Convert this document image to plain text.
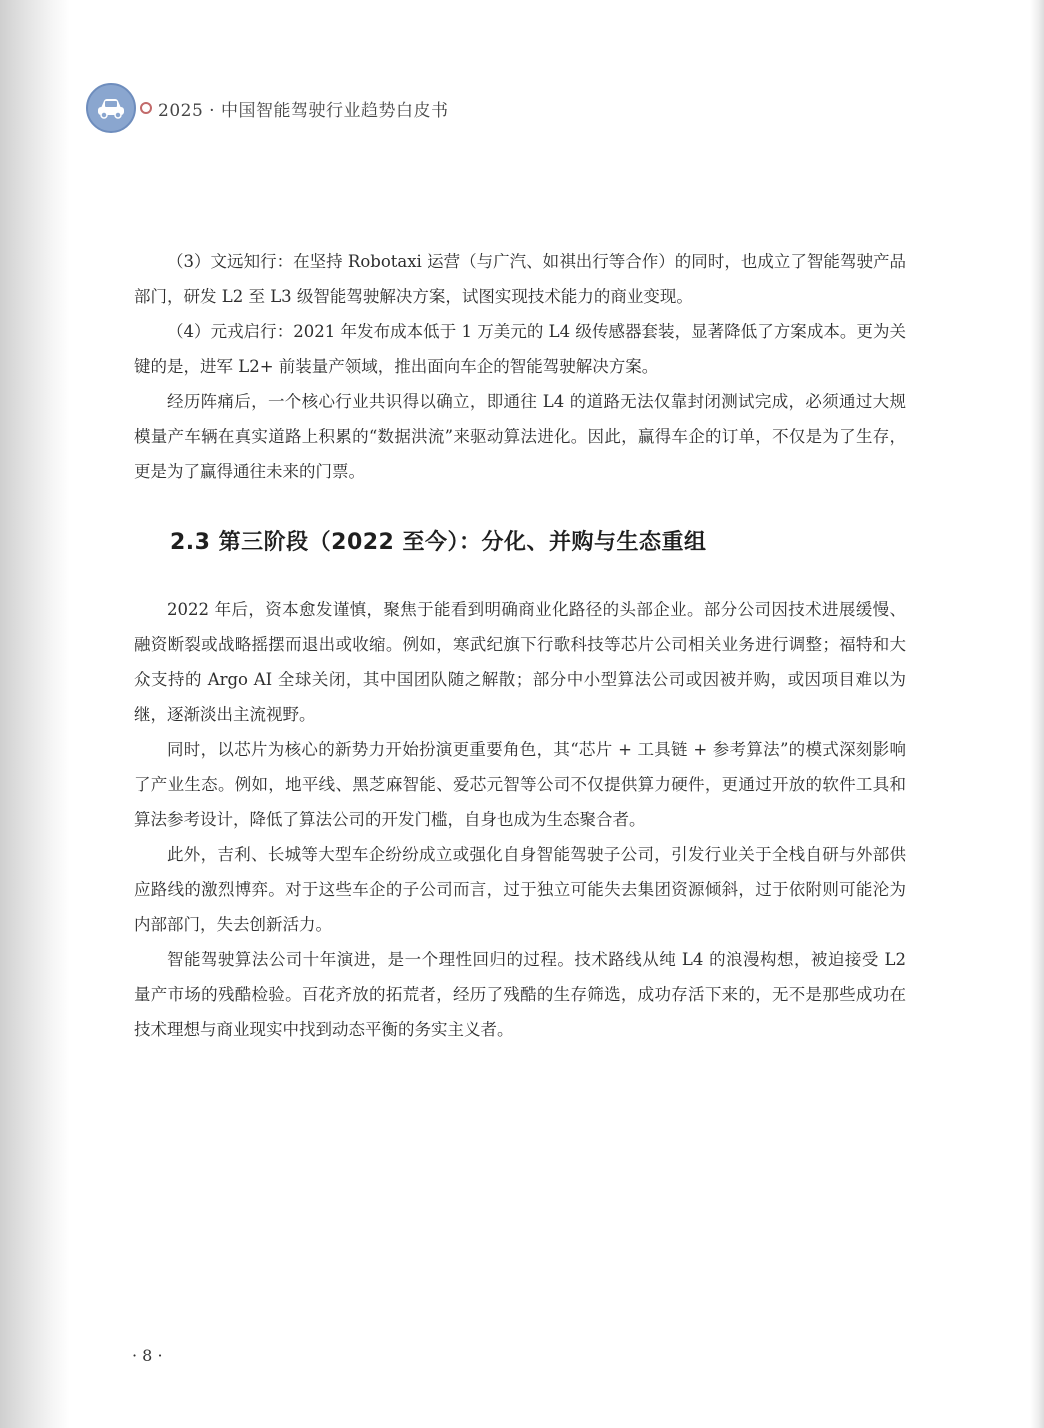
2025 · 中国智能驾驶行业趋势白皮书

（3）文远知行：在坚持 Robotaxi 运营（与广汽、如祺出行等合作）的同时，也成立了智能驾驶产品部门，研发 L2 至 L3 级智能驾驶解决方案，试图实现技术能力的商业变现。

（4）元戎启行：2021 年发布成本低于 1 万美元的 L4 级传感器套装，显著降低了方案成本。更为关键的是，进军 L2+ 前装量产领域，推出面向车企的智能驾驶解决方案。

经历阵痛后，一个核心行业共识得以确立，即通往 L4 的道路无法仅靠封闭测试完成，必须通过大规模量产车辆在真实道路上积累的“数据洪流”来驱动算法进化。因此，赢得车企的订单，不仅是为了生存，更是为了赢得通往未来的门票。

2.3 第三阶段（2022 至今）：分化、并购与生态重组

2022 年后，资本愈发谨慎，聚焦于能看到明确商业化路径的头部企业。部分公司因技术进展缓慢、融资断裂或战略摇摆而退出或收缩。例如，寒武纪旗下行歌科技等芯片公司相关业务进行调整；福特和大众支持的 Argo AI 全球关闭，其中国团队随之解散；部分中小型算法公司或因被并购，或因项目难以为继，逐渐淡出主流视野。

同时，以芯片为核心的新势力开始扮演更重要角色，其“芯片 + 工具链 + 参考算法”的模式深刻影响了产业生态。例如，地平线、黑芝麻智能、爱芯元智等公司不仅提供算力硬件，更通过开放的软件工具和算法参考设计，降低了算法公司的开发门槛，自身也成为生态聚合者。

此外，吉利、长城等大型车企纷纷成立或强化自身智能驾驶子公司，引发行业关于全栈自研与外部供应路线的激烈博弈。对于这些车企的子公司而言，过于独立可能失去集团资源倾斜，过于依附则可能沦为内部部门，失去创新活力。

智能驾驶算法公司十年演进，是一个理性回归的过程。技术路线从纯 L4 的浪漫构想，被迫接受 L2 量产市场的残酷检验。百花齐放的拓荒者，经历了残酷的生存筛选，成功存活下来的，无不是那些成功在技术理想与商业现实中找到动态平衡的务实主义者。

· 8 ·
